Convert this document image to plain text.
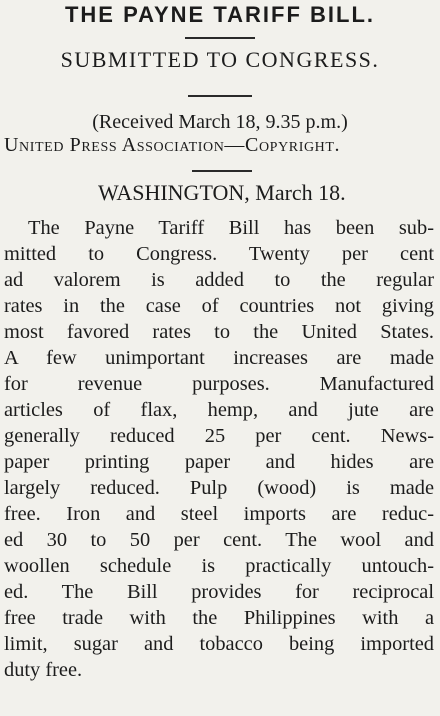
THE PAYNE TARIFF BILL.
SUBMITTED TO CONGRESS.
(Received March 18, 9.35 p.m.)
United Press Association—Copyright.
WASHINGTON, March 18.
The Payne Tariff Bill has been sub-
mitted to Congress. Twenty per cent
ad valorem is added to the regular
rates in the case of countries not giving
most favored rates to the United States.
A few unimportant increases are made
for revenue purposes. Manufactured
articles of flax, hemp, and jute are
generally reduced 25 per cent. News-
paper printing paper and hides are
largely reduced. Pulp (wood) is made
free. Iron and steel imports are reduc-
ed 30 to 50 per cent. The wool and
woollen schedule is practically untouch-
ed. The Bill provides for reciprocal
free trade with the Philippines with a
limit, sugar and tobacco being imported
duty free.
